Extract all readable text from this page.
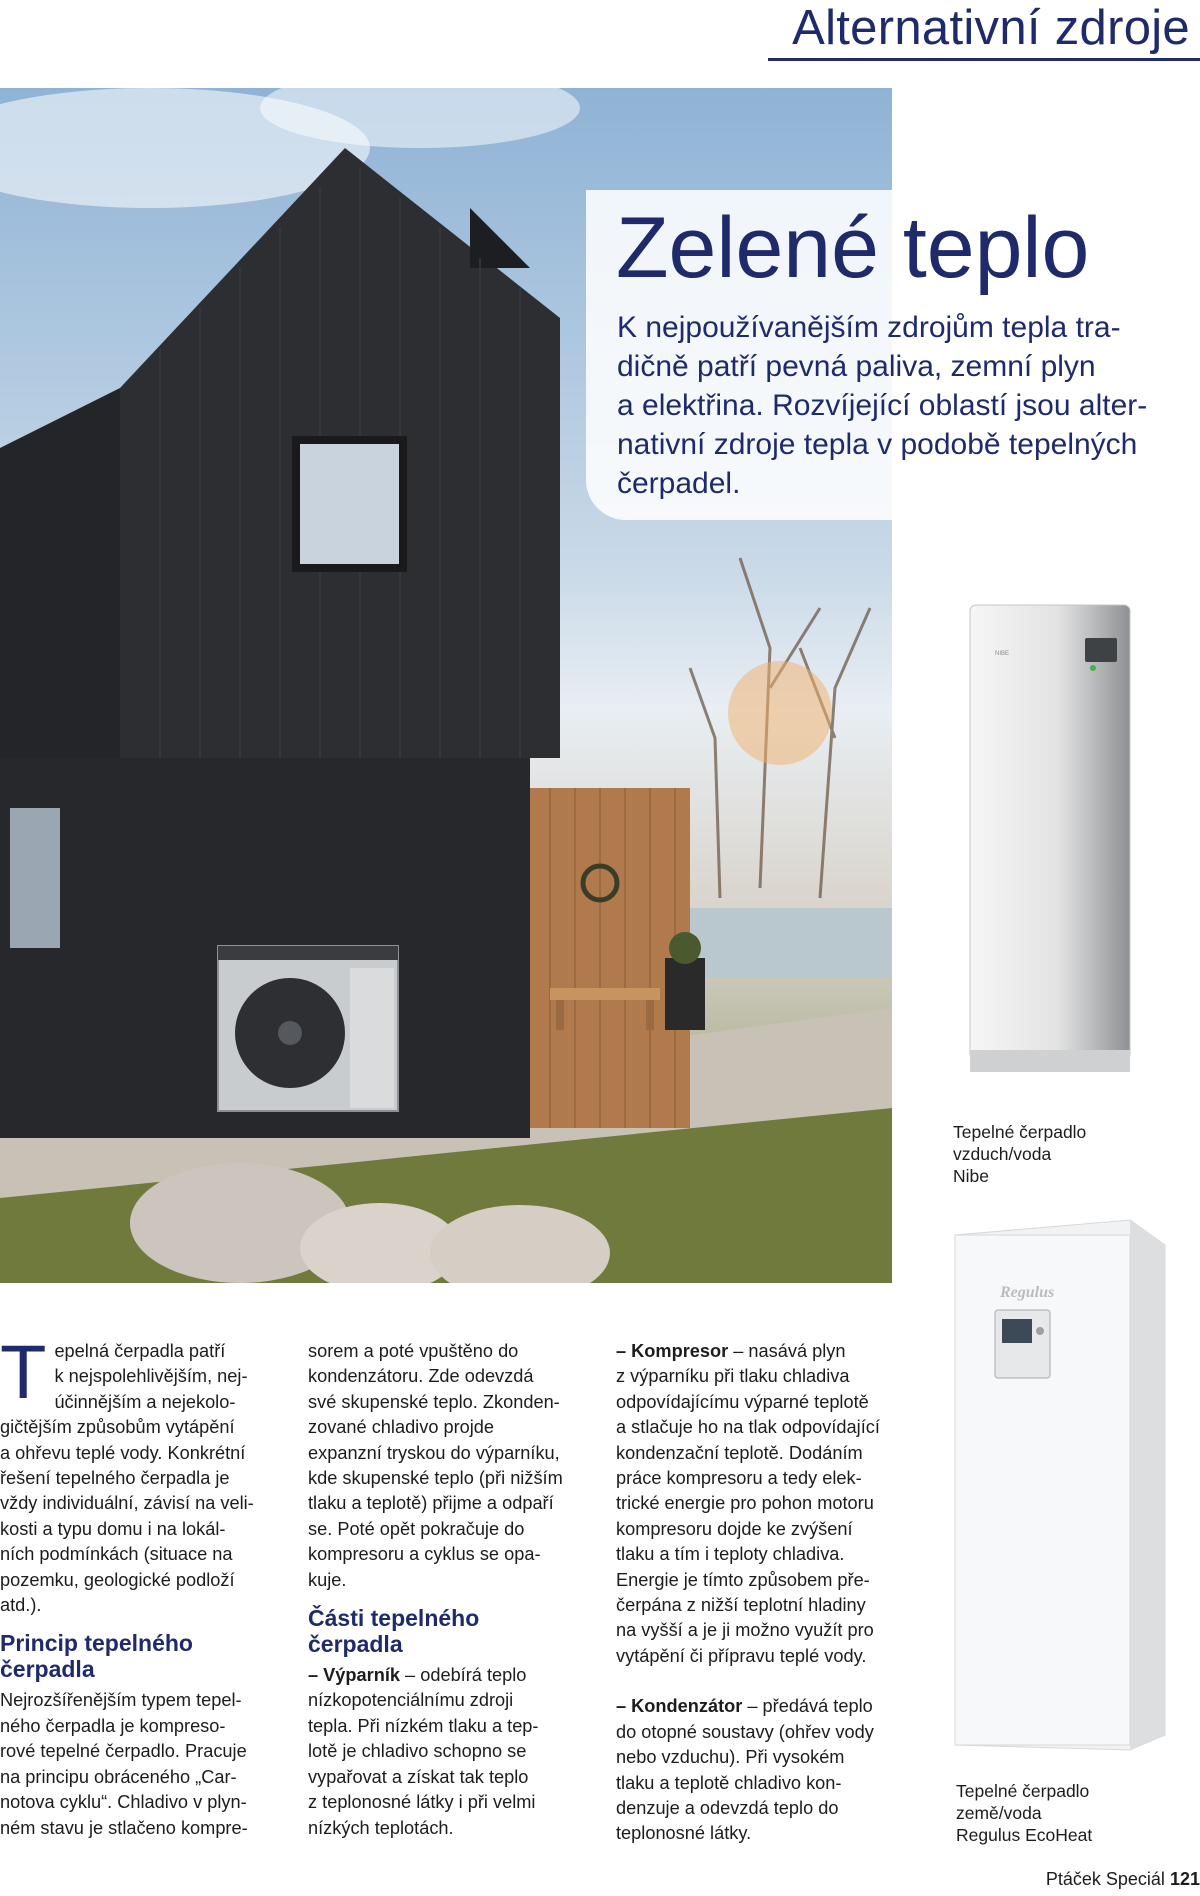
Alternativní zdroje
Zelené teplo

K nejpoužívanějším zdrojům tepla tra-
dičně patří pevná paliva, zemní plyn
a elektřina. Rozvíjející oblastí jsou alter-
nativní zdroje tepla v podobě tepelných
čerpadel.

NIBE
Tepelné čerpadlo
vzduch/voda
Nibe
Regulus
Tepelné čerpadlo
země/voda
Regulus EcoHeat
T epelná čerpadla patří
k nejspolehlivějším, nej-
účinnějším a nejekolo-
gičtějším způsobům vytápění
a ohřevu teplé vody. Konkrétní
řešení tepelného čerpadla je
vždy individuální, závisí na veli-
kosti a typu domu i na lokál-
ních podmínkách (situace na
pozemku, geologické podloží
atd.).

Princip tepelného
čerpadla

Nejrozšířenějším typem tepel-
ného čerpadla je kompreso-
rové tepelné čerpadlo. Pracuje
na principu obráceného „Car-
notova cyklu“. Chladivo v plyn-
ném stavu je stlačeno kompre-

sorem a poté vpuštěno do
kondenzátoru. Zde odevzdá
své skupenské teplo. Zkonden-
zované chladivo projde
expanzní tryskou do výparníku,
kde skupenské teplo (při nižším
tlaku a teplotě) přijme a odpaří
se. Poté opět pokračuje do
kompresoru a cyklus se opa-
kuje.

Části tepelného
čerpadla

– Výparník – odebírá teplo
nízkopotenciálnímu zdroji
tepla. Při nízkém tlaku a tep-
lotě je chladivo schopno se
vypařovat a získat tak teplo
z teplonosné látky i při velmi
nízkých teplotách.

– Kompresor – nasává plyn
z výparníku při tlaku chladiva
odpovídajícímu výparné teplotě
a stlačuje ho na tlak odpovídající
kondenzační teplotě. Dodáním
práce kompresoru a tedy elek-
trické energie pro pohon motoru
kompresoru dojde ke zvýšení
tlaku a tím i teploty chladiva.
Energie je tímto způsobem pře-
čerpána z nižší teplotní hladiny
na vyšší a je ji možno využít pro
vytápění či přípravu teplé vody.

– Kondenzátor – předává teplo
do otopné soustavy (ohřev vody
nebo vzduchu). Při vysokém
tlaku a teplotě chladivo kon-
denzuje a odevzdá teplo do
teplonosné látky.

Ptáček Speciál 121
